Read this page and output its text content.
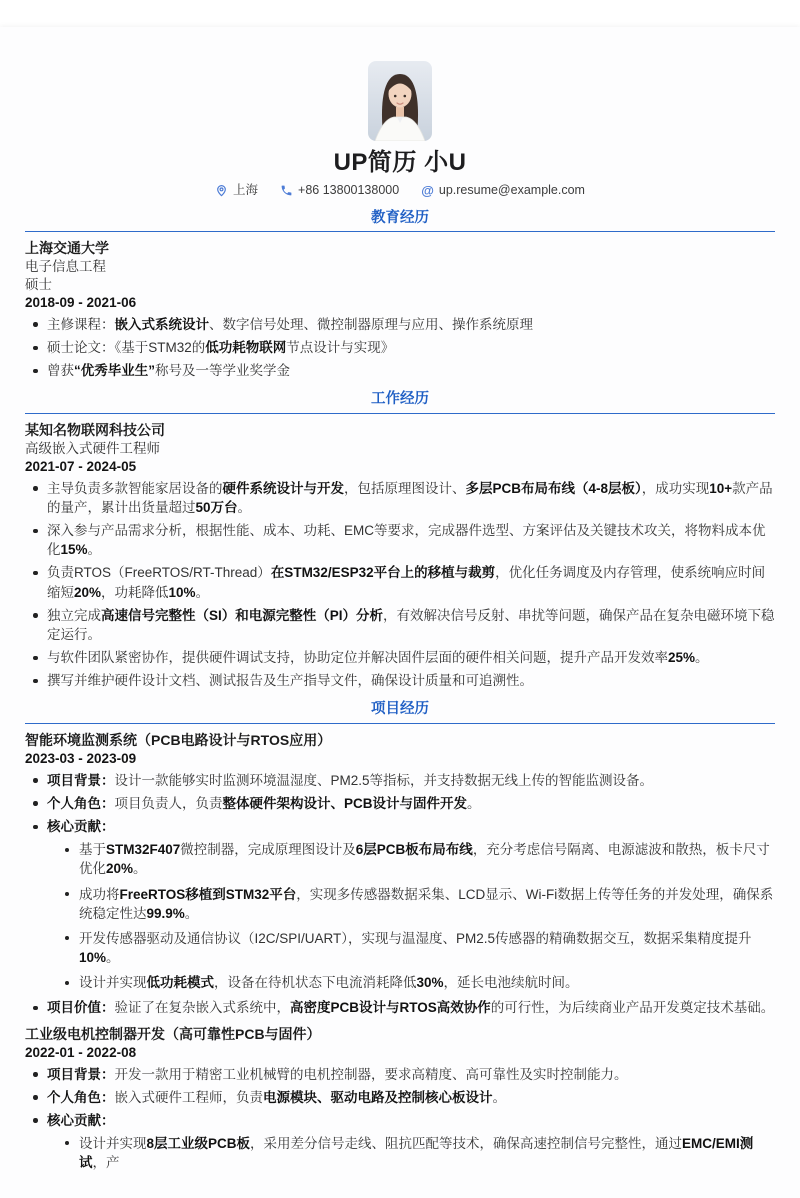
UP简历 小U
上海	+86 13800138000 @ up.resume@example.com
教育经历
上海交通大学
电子信息工程
硕士
2018-09 - 2021-06
主修课程：嵌入式系统设计、数字信号处理、微控制器原理与应用、操作系统原理
硕士论文：《基于STM32的低功耗物联网节点设计与实现》
曾获“优秀毕业生”称号及一等学业奖学金
工作经历
某知名物联网科技公司
高级嵌入式硬件工程师
2021-07 - 2024-05
主导负责多款智能家居设备的硬件系统设计与开发，包括原理图设计、多层PCB布局布线（4-8层板），成功实现10+款产品的量产，累计出货量超过50万台。
深入参与产品需求分析，根据性能、成本、功耗、EMC等要求，完成器件选型、方案评估及关键技术攻关，将物料成本优化15%。
负责RTOS（FreeRTOS/RT-Thread）在STM32/ESP32平台上的移植与裁剪，优化任务调度及内存管理，使系统响应时间缩短20%，功耗降低10%。
独立完成高速信号完整性（SI）和电源完整性（PI）分析，有效解决信号反射、串扰等问题，确保产品在复杂电磁环境下稳定运行。
与软件团队紧密协作，提供硬件调试支持，协助定位并解决固件层面的硬件相关问题，提升产品开发效率25%。
撰写并维护硬件设计文档、测试报告及生产指导文件，确保设计质量和可追溯性。
项目经历
智能环境监测系统（PCB电路设计与RTOS应用）
2023-03 - 2023-09
项目背景：设计一款能够实时监测环境温湿度、PM2.5等指标，并支持数据无线上传的智能监测设备。
个人角色：项目负责人，负责整体硬件架构设计、PCB设计与固件开发。
核心贡献：
基于STM32F407微控制器，完成原理图设计及6层PCB板布局布线，充分考虑信号隔离、电源滤波和散热，板卡尺寸优化20%。
成功将FreeRTOS移植到STM32平台，实现多传感器数据采集、LCD显示、Wi-Fi数据上传等任务的并发处理，确保系统稳定性达99.9%。
开发传感器驱动及通信协议（I2C/SPI/UART），实现与温湿度、PM2.5传感器的精确数据交互，数据采集精度提升10%。
设计并实现低功耗模式，设备在待机状态下电流消耗降低30%，延长电池续航时间。
项目价值：验证了在复杂嵌入式系统中，高密度PCB设计与RTOS高效协作的可行性，为后续商业产品开发奠定技术基础。
工业级电机控制器开发（高可靠性PCB与固件）
2022-01 - 2022-08
项目背景：开发一款用于精密工业机械臂的电机控制器，要求高精度、高可靠性及实时控制能力。
个人角色：嵌入式硬件工程师，负责电源模块、驱动电路及控制核心板设计。
核心贡献：
设计并实现8层工业级PCB板，采用差分信号走线、阻抗匹配等技术，确保高速控制信号完整性，通过EMC/EMI测试，产
